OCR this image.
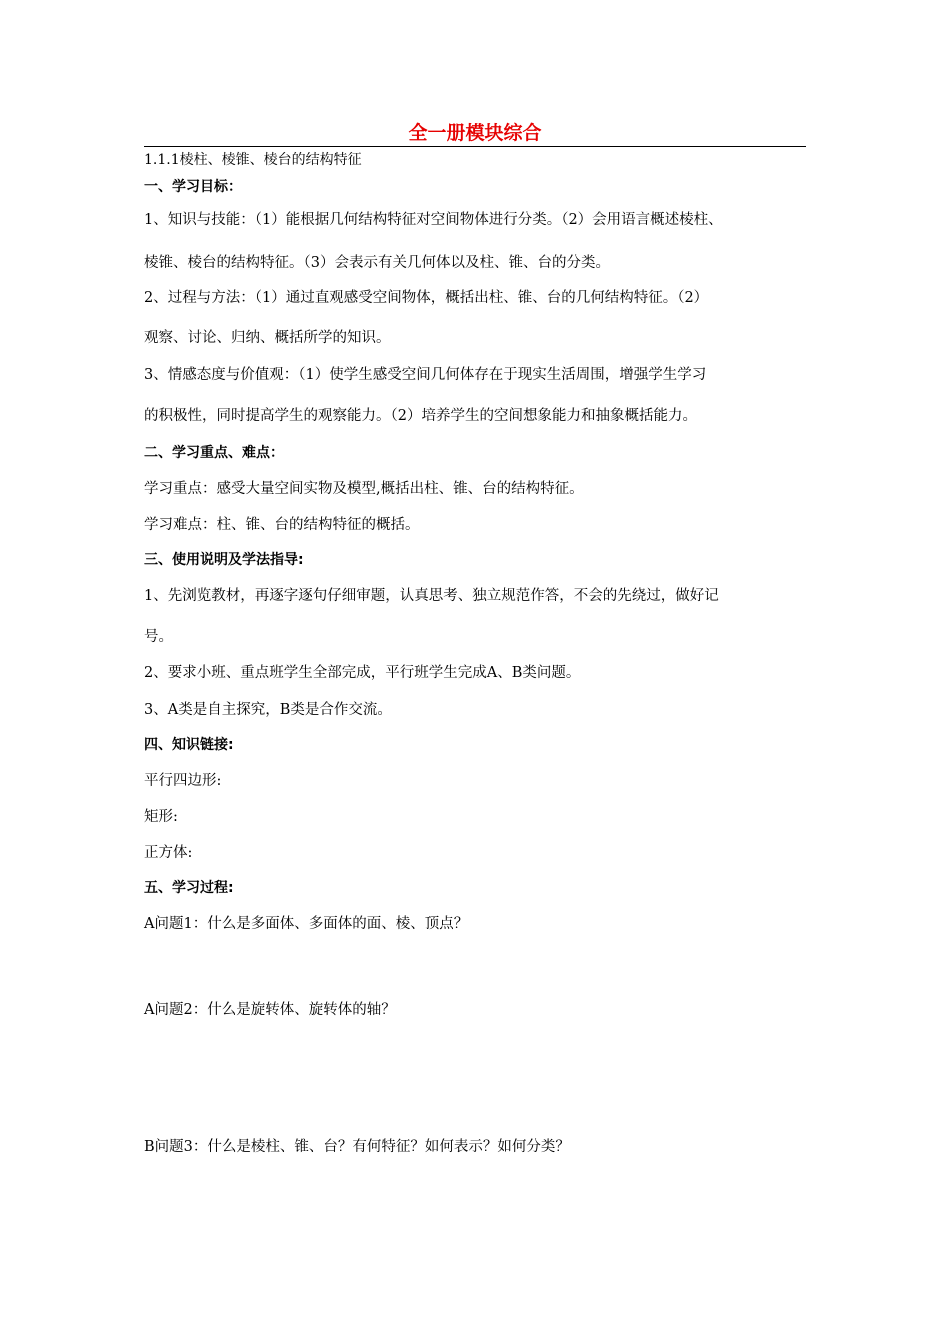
全一册模块综合

1.1.1棱柱、棱锥、棱台的结构特征

一、学习目标：

1、知识与技能：（1）能根据几何结构特征对空间物体进行分类。（2）会用语言概述棱柱、

棱锥、棱台的结构特征。（3）会表示有关几何体以及柱、锥、台的分类。

2、过程与方法：（1）通过直观感受空间物体，概括出柱、锥、台的几何结构特征。（2）

观察、讨论、归纳、概括所学的知识。

3、情感态度与价值观：（1）使学生感受空间几何体存在于现实生活周围，增强学生学习

的积极性，同时提高学生的观察能力。（2）培养学生的空间想象能力和抽象概括能力。

二、学习重点、难点：

学习重点：感受大量空间实物及模型,概括出柱、锥、台的结构特征。

学习难点：柱、锥、台的结构特征的概括。

三、使用说明及学法指导:

1、先浏览教材，再逐字逐句仔细审题，认真思考、独立规范作答，不会的先绕过，做好记

号。

2、要求小班、重点班学生全部完成，平行班学生完成A、B类问题。

3、A类是自主探究，B类是合作交流。

四、知识链接:

平行四边形:

矩形:

正方体:

五、学习过程:

A问题1：什么是多面体、多面体的面、棱、顶点？

A问题2：什么是旋转体、旋转体的轴？

B问题3：什么是棱柱、锥、台？有何特征？如何表示？如何分类？
